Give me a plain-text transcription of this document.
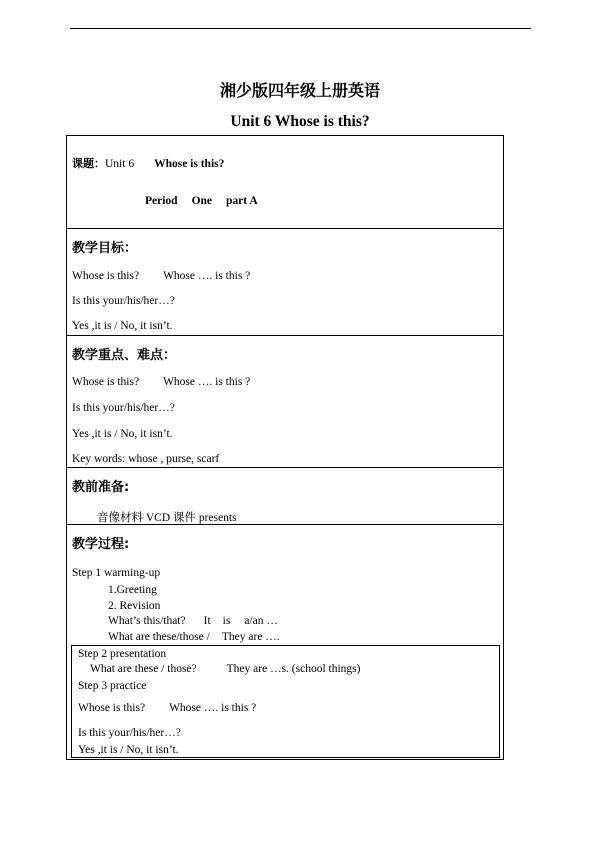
湘少版四年级上册英语
Unit 6 Whose is this?
课题：Unit 6 Whose is this?
Period One part A
教学目标：
Whose is this? Whose …. is this ?
Is this your/his/her…?
Yes ,it is / No, it isn’t.
教学重点、难点：
Whose is this? Whose …. is this ?
Is this your/his/her…?
Yes ,it is / No, it isn’t.
Key words: whose , purse, scarf
教前准备:
音像材料 VCD 课件 presents
教学过程:
Step 1 warming-up
1.Greeting
2. Revision
What’s this/that? It is a/an …
What are these/those / They are ….
Step 2 presentation
What are these / those?	They are …s. (school things)
Step 3 practice
Whose is this? Whose …. is this ?
Is this your/his/her…?
Yes ,it is / No, it isn’t.
